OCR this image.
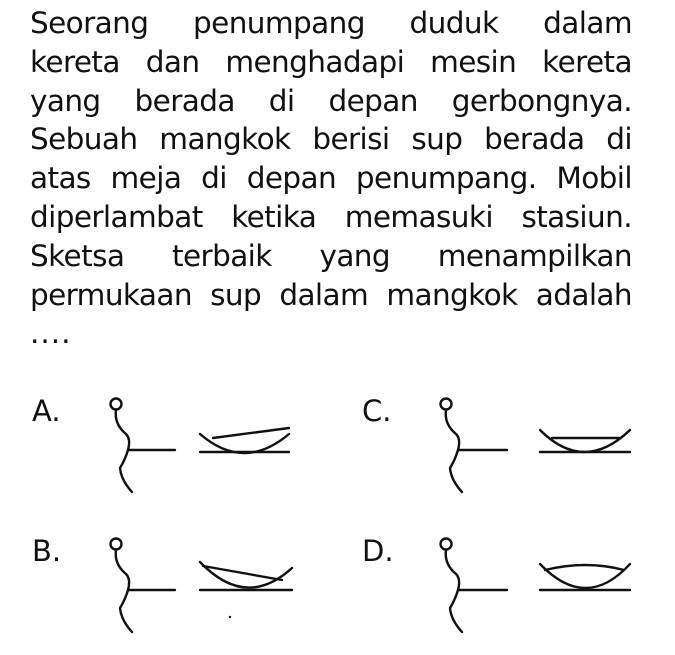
Seorang penumpang duduk dalam
kereta dan menghadapi mesin kereta
yang berada di depan gerbongnya.
Sebuah mangkok berisi sup berada di
atas meja di depan penumpang. Mobil
diperlambat ketika memasuki stasiun.
Sketsa terbaik yang menampilkan
permukaan sup dalam mangkok adalah
....
A.	C.
B.	D.
